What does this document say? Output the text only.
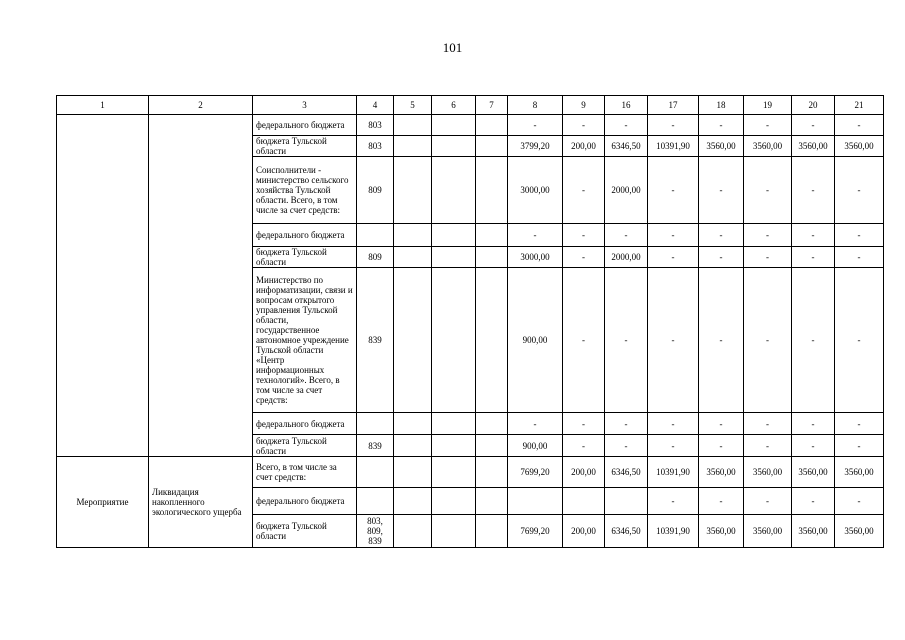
101
1	2	3	4	5	6	7	8	9	16	17	18	19	20	21
		федерального бюджета	803				-	-	-	-	-	-	-	-
		бюджета Тульской области	803				3799,20	200,00	6346,50	10391,90	3560,00	3560,00	3560,00	3560,00
		Соисполнители - министерство сельского хозяйства Тульской области. Всего, в том числе за счет средств:	809				3000,00	-	2000,00	-	-	-	-	-
		федерального бюджета					-	-	-	-	-	-	-	-
		бюджета Тульской области	809				3000,00	-	2000,00	-	-	-	-	-
		Министерство по информатизации, связи и вопросам открытого управления Тульской области, государственное автономное учреждение Тульской области «Центр информационных технологий». Всего, в том числе за счет средств:	839				900,00	-	-	-	-	-	-	-
		федерального бюджета					-	-	-	-	-	-	-	-
		бюджета Тульской области	839				900,00	-	-	-	-	-	-	-
Мероприятие	Ликвидация накопленного экологического ущерба	Всего, в том числе за счет средств:					7699,20	200,00	6346,50	10391,90	3560,00	3560,00	3560,00	3560,00
		федерального бюджета								-	-	-	-	-
		бюджета Тульской области	803, 809, 839				7699,20	200,00	6346,50	10391,90	3560,00	3560,00	3560,00	3560,00
